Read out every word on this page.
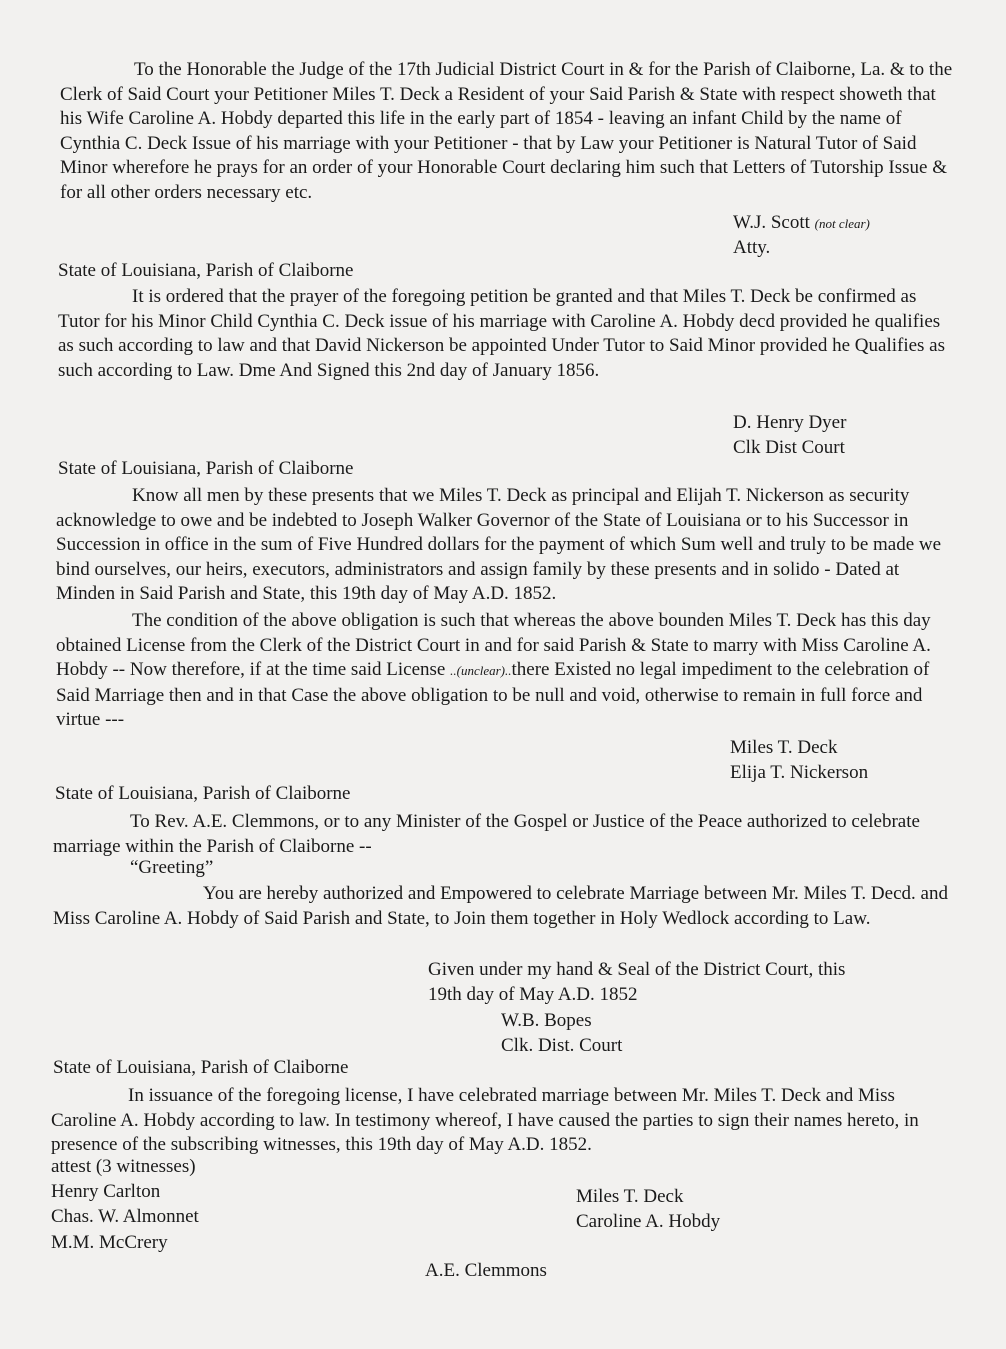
To the Honorable the Judge of the 17th Judicial District Court in & for the Parish of Claiborne, La. & to the Clerk of Said Court your Petitioner Miles T. Deck a Resident of your Said Parish & State with respect showeth that his Wife Caroline A. Hobdy departed this life in the early part of 1854 - leaving an infant Child by the name of Cynthia C. Deck Issue of his marriage with your Petitioner - that by Law your Petitioner is Natural Tutor of Said Minor wherefore he prays for an order of your Honorable Court declaring him such that Letters of Tutorship Issue & for all other orders necessary etc.

W.J. Scott (not clear)
Atty.
State of Louisiana, Parish of Claiborne

It is ordered that the prayer of the foregoing petition be granted and that Miles T. Deck be confirmed as Tutor for his Minor Child Cynthia C. Deck issue of his marriage with Caroline A. Hobdy decd provided he qualifies as such according to law and that David Nickerson be appointed Under Tutor to Said Minor provided he Qualifies as such according to Law. Dme And Signed this 2nd day of January 1856.

D. Henry Dyer
Clk Dist Court
State of Louisiana, Parish of Claiborne

Know all men by these presents that we Miles T. Deck as principal and Elijah T. Nickerson as security acknowledge to owe and be indebted to Joseph Walker Governor of the State of Louisiana or to his Successor in Succession in office in the sum of Five Hundred dollars for the payment of which Sum well and truly to be made we bind ourselves, our heirs, executors, administrators and assign family by these presents and in solido - Dated at Minden in Said Parish and State, this 19th day of May A.D. 1852.

The condition of the above obligation is such that whereas the above bounden Miles T. Deck has this day obtained License from the Clerk of the District Court in and for said Parish & State to marry with Miss Caroline A. Hobdy -- Now therefore, if at the time said License ..(unclear)..there Existed no legal impediment to the celebration of Said Marriage then and in that Case the above obligation to be null and void, otherwise to remain in full force and virtue ---

Miles T. Deck
Elija T. Nickerson
State of Louisiana, Parish of Claiborne

To Rev. A.E. Clemmons, or to any Minister of the Gospel or Justice of the Peace authorized to celebrate marriage within the Parish of Claiborne --

“Greeting”

You are hereby authorized and Empowered to celebrate Marriage between Mr. Miles T. Decd. and Miss Caroline A. Hobdy of Said Parish and State, to Join them together in Holy Wedlock according to Law.

Given under my hand & Seal of the District Court, this
19th day of May A.D. 1852
W.B. Bopes
Clk. Dist. Court
State of Louisiana, Parish of Claiborne

In issuance of the foregoing license, I have celebrated marriage between Mr. Miles T. Deck and Miss Caroline A. Hobdy according to law. In testimony whereof, I have caused the parties to sign their names hereto, in presence of the subscribing witnesses, this 19th day of May A.D. 1852.

attest (3 witnesses)
Henry Carlton
Chas. W. Almonnet
M.M. McCrery
Miles T. Deck
Caroline A. Hobdy
A.E. Clemmons
